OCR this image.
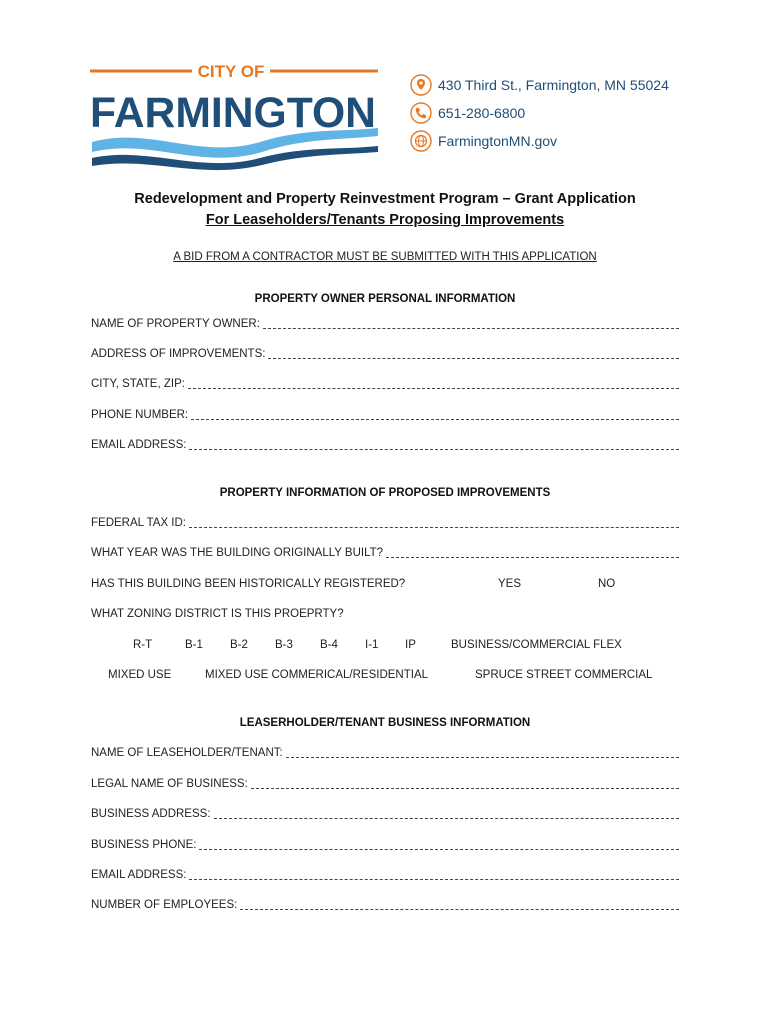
CITY OF
FARMINGTON
430 Third St., Farmington, MN 55024
651-280-6800
FarmingtonMN.gov
Redevelopment and Property Reinvestment Program – Grant Application
For Leaseholders/Tenants Proposing Improvements
A BID FROM A CONTRACTOR MUST BE SUBMITTED WITH THIS APPLICATION
PROPERTY OWNER PERSONAL INFORMATION
NAME OF PROPERTY OWNER:
ADDRESS OF IMPROVEMENTS:
CITY, STATE, ZIP:
PHONE NUMBER:
EMAIL ADDRESS:
PROPERTY INFORMATION OF PROPOSED IMPROVEMENTS
FEDERAL TAX ID:
WHAT YEAR WAS THE BUILDING ORIGINALLY BUILT?
HAS THIS BUILDING BEEN HISTORICALLY REGISTERED?	YES	NO
WHAT ZONING DISTRICT IS THIS PROEPRTY?
R-T	B-1 B-2 B-3 B-4 I-1 IP	BUSINESS/COMMERCIAL FLEX
MIXED USE	MIXED USE COMMERICAL/RESIDENTIAL	SPRUCE STREET COMMERCIAL
LEASERHOLDER/TENANT BUSINESS INFORMATION
NAME OF LEASEHOLDER/TENANT:
LEGAL NAME OF BUSINESS:
BUSINESS ADDRESS:
BUSINESS PHONE:
EMAIL ADDRESS:
NUMBER OF EMPLOYEES:
